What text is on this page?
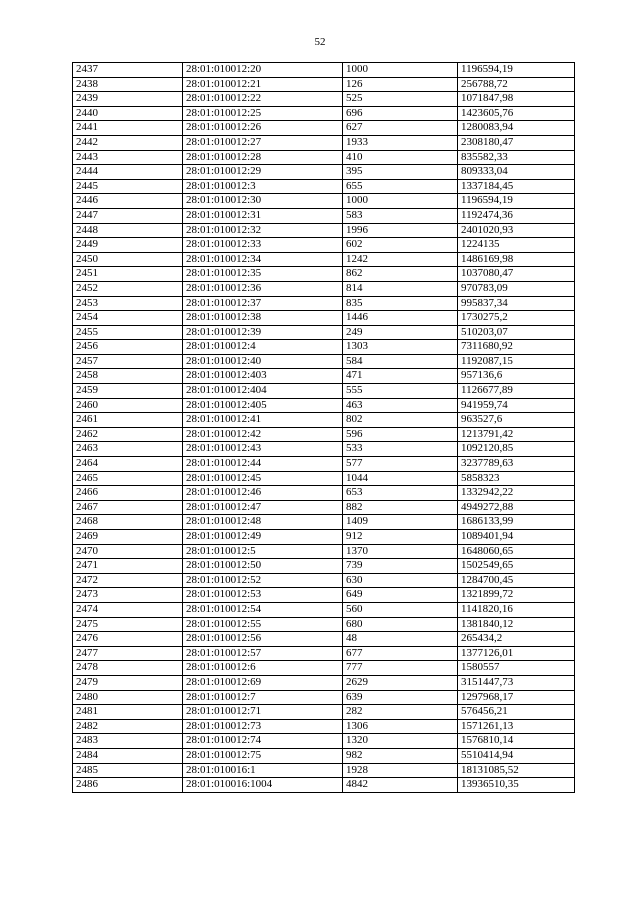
52
2437	28:01:010012:20	1000	1196594,19
2438	28:01:010012:21	126	256788,72
2439	28:01:010012:22	525	1071847,98
2440	28:01:010012:25	696	1423605,76
2441	28:01:010012:26	627	1280083,94
2442	28:01:010012:27	1933	2308180,47
2443	28:01:010012:28	410	835582,33
2444	28:01:010012:29	395	809333,04
2445	28:01:010012:3	655	1337184,45
2446	28:01:010012:30	1000	1196594,19
2447	28:01:010012:31	583	1192474,36
2448	28:01:010012:32	1996	2401020,93
2449	28:01:010012:33	602	1224135
2450	28:01:010012:34	1242	1486169,98
2451	28:01:010012:35	862	1037080,47
2452	28:01:010012:36	814	970783,09
2453	28:01:010012:37	835	995837,34
2454	28:01:010012:38	1446	1730275,2
2455	28:01:010012:39	249	510203,07
2456	28:01:010012:4	1303	7311680,92
2457	28:01:010012:40	584	1192087,15
2458	28:01:010012:403	471	957136,6
2459	28:01:010012:404	555	1126677,89
2460	28:01:010012:405	463	941959,74
2461	28:01:010012:41	802	963527,6
2462	28:01:010012:42	596	1213791,42
2463	28:01:010012:43	533	1092120,85
2464	28:01:010012:44	577	3237789,63
2465	28:01:010012:45	1044	5858323
2466	28:01:010012:46	653	1332942,22
2467	28:01:010012:47	882	4949272,88
2468	28:01:010012:48	1409	1686133,99
2469	28:01:010012:49	912	1089401,94
2470	28:01:010012:5	1370	1648060,65
2471	28:01:010012:50	739	1502549,65
2472	28:01:010012:52	630	1284700,45
2473	28:01:010012:53	649	1321899,72
2474	28:01:010012:54	560	1141820,16
2475	28:01:010012:55	680	1381840,12
2476	28:01:010012:56	48	265434,2
2477	28:01:010012:57	677	1377126,01
2478	28:01:010012:6	777	1580557
2479	28:01:010012:69	2629	3151447,73
2480	28:01:010012:7	639	1297968,17
2481	28:01:010012:71	282	576456,21
2482	28:01:010012:73	1306	1571261,13
2483	28:01:010012:74	1320	1576810,14
2484	28:01:010012:75	982	5510414,94
2485	28:01:010016:1	1928	18131085,52
2486	28:01:010016:1004	4842	13936510,35
